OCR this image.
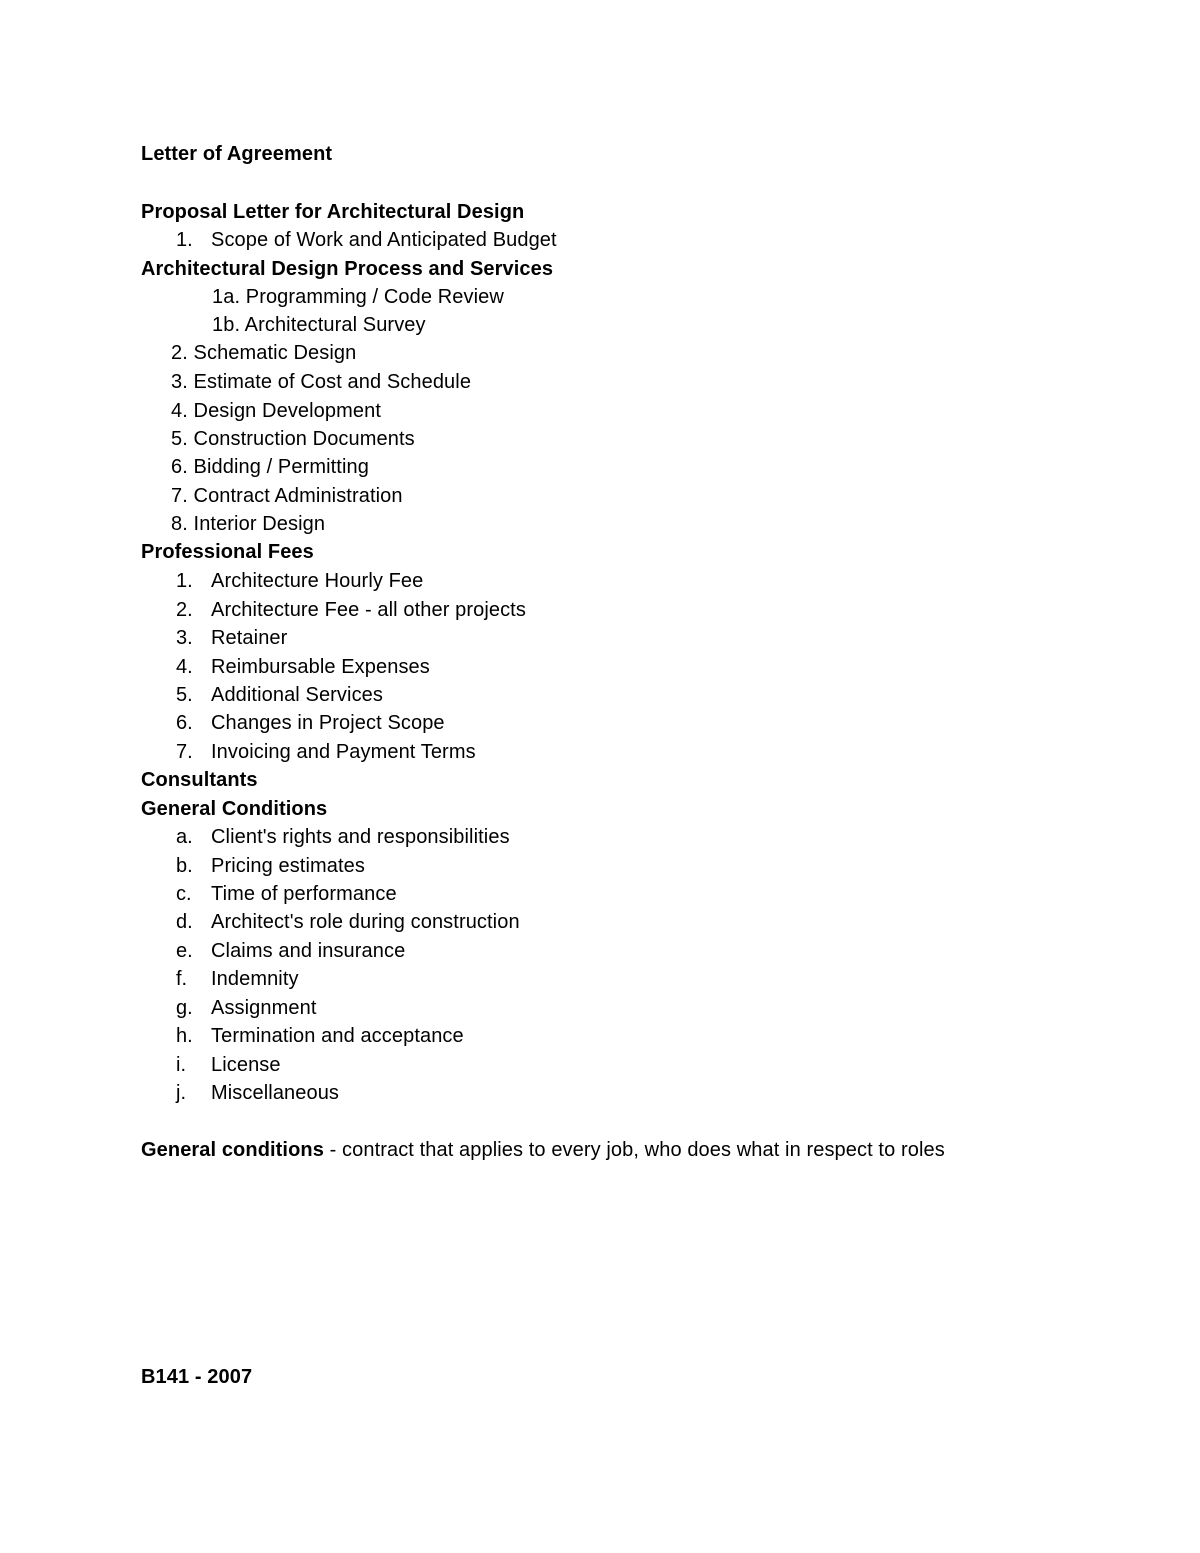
Letter of Agreement
Proposal Letter for Architectural Design
1. Scope of Work and Anticipated Budget
Architectural Design Process and Services
1a. Programming / Code Review
1b. Architectural Survey
2. Schematic Design
3. Estimate of Cost and Schedule
4. Design Development
5. Construction Documents
6. Bidding / Permitting
7. Contract Administration
8. Interior Design
Professional Fees
1. Architecture Hourly Fee
2. Architecture Fee - all other projects
3. Retainer
4. Reimbursable Expenses
5. Additional Services
6. Changes in Project Scope
7. Invoicing and Payment Terms
Consultants
General Conditions
a. Client's rights and responsibilities
b. Pricing estimates
c. Time of performance
d. Architect's role during construction
e. Claims and insurance
f. Indemnity
g. Assignment
h. Termination and acceptance
i. License
j. Miscellaneous
General conditions - contract that applies to every job, who does what in respect to roles
B141 - 2007
